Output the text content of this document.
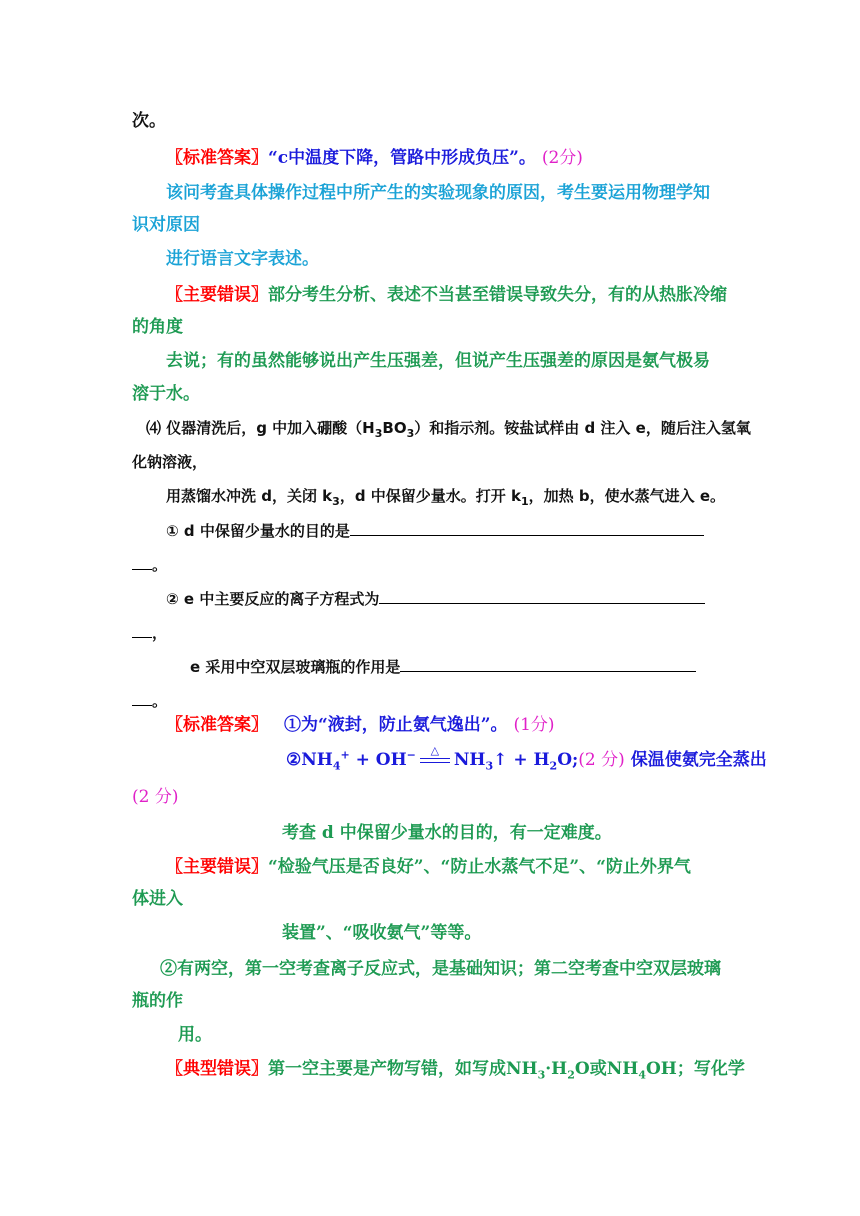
次。
〖标准答案〗“c中温度下降，管路中形成负压”。 (2分)
该问考查具体操作过程中所产生的实验现象的原因，考生要运用物理学知
识对原因
进行语言文字表述。
〖主要错误〗部分考生分析、表述不当甚至错误导致失分，有的从热胀冷缩
的角度
去说；有的虽然能够说出产生压强差，但说产生压强差的原因是氨气极易
溶于水。
⑷ 仪器清洗后，g 中加入硼酸$(H_3BO_3)$和指示剂。铵盐试样由 d 注入 e，随后注入氢氧
化钠溶液，
用蒸馏水冲洗 d，关闭 $k_3$，d 中保留少量水。打开 $k_1$，加热 b，使水蒸气进入 e。
① d 中保留少量水的目的是
。
② e 中主要反应的离子方程式为
，
e 采用中空双层玻璃瓶的作用是
。
〖标准答案〗 ①为“液封，防止氨气逸出”。 (1分)
$②NH_4^+ + OH^-$	△ $NH_3↑$ + $H_2O;(2$ 分) 保温使氨完全蒸出
(2 分)
考查 d 中保留少量水的目的，有一定难度。
〖主要错误〗“检验气压是否良好”、“防止水蒸气不足”、“防止外界气
体进入
装置”、“吸收氨气”等等。
②有两空，第一空考查离子反应式，是基础知识；第二空考查中空双层玻璃
瓶的作
用。
〖典型错误〗第一空主要是产物写错，如写成$NH_3\cdot H_2O$或$NH_4OH$；写化学
